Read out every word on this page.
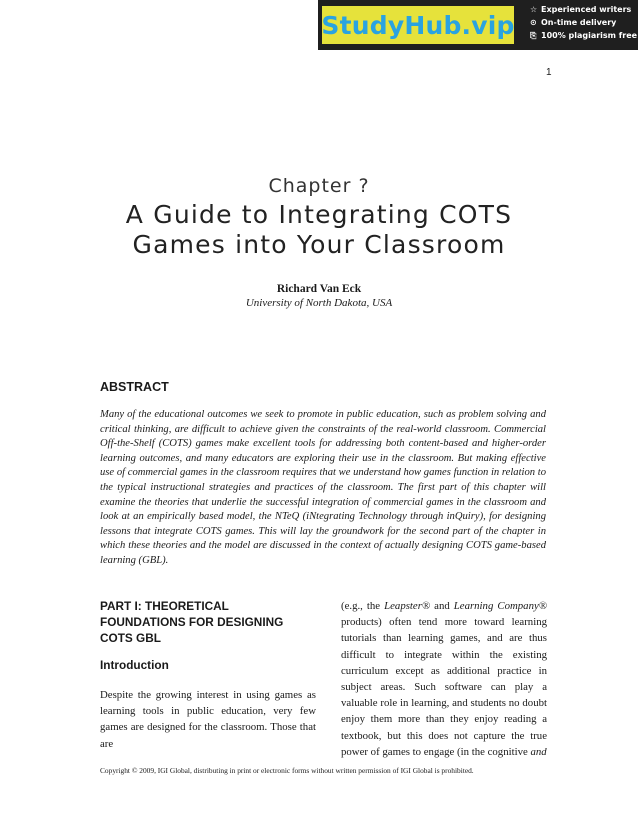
StudyHub.vip
☆ Experienced writers
⊙ On-time delivery
⎘ 100% plagiarism free
1
Chapter ?
A Guide to Integrating COTS
Games into Your Classroom
Richard Van Eck
University of North Dakota, USA
ABSTRACT
Many of the educational outcomes we seek to promote in public education, such as problem solving and critical thinking, are difficult to achieve given the constraints of the real-world classroom. Commercial Off-the-Shelf (COTS) games make excellent tools for addressing both content-based and higher-order learning outcomes, and many educators are exploring their use in the classroom. But making effective use of commercial games in the classroom requires that we understand how games function in relation to the typical instructional strategies and practices of the classroom. The first part of this chapter will examine the theories that underlie the successful integration of commercial games in the classroom and look at an empirically based model, the NTeQ (iNtegrating Technology through inQuiry), for designing lessons that integrate COTS games. This will lay the groundwork for the second part of the chapter in which these theories and the model are discussed in the context of actually designing COTS game-based learning (GBL).
PART I: THEORETICAL FOUNDATIONS FOR DESIGNING COTS GBL
Introduction
Despite the growing interest in using games as learning tools in public education, very few games are designed for the classroom. Those that are
(e.g., the Leapster® and Learning Company® products) often tend more toward learning tutorials than learning games, and are thus difficult to integrate within the existing curriculum except as additional practice in subject areas. Such software can play a valuable role in learning, and students no doubt enjoy them more than they enjoy reading a textbook, but this does not capture the true power of games to engage (in the cognitive and
Copyright © 2009, IGI Global, distributing in print or electronic forms without written permission of IGI Global is prohibited.
